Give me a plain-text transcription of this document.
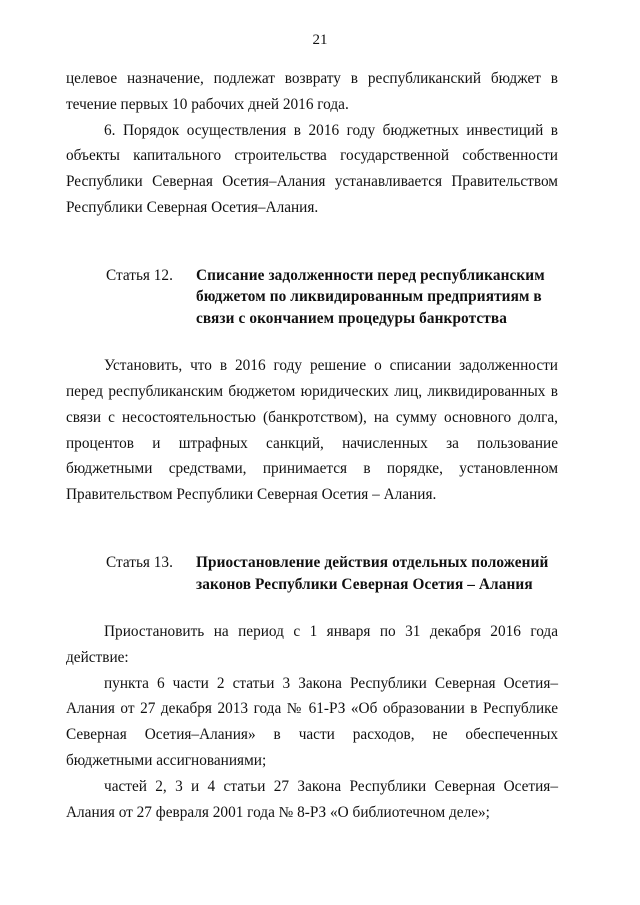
21

целевое назначение, подлежат возврату в республиканский бюджет в течение первых 10 рабочих дней 2016 года.

6. Порядок осуществления в 2016 году бюджетных инвестиций в объекты капитального строительства государственной собственности Республики Северная Осетия–Алания устанавливается Правительством Республики Северная Осетия–Алания.

Статья 12.	Списание задолженности перед республиканским
бюджетом по ликвидированным предприятиям в
связи с окончанием процедуры банкротства

Установить, что в 2016 году решение о списании задолженности перед республиканским бюджетом юридических лиц, ликвидированных в связи с несостоятельностью (банкротством), на сумму основного долга, процентов и штрафных санкций, начисленных за пользование бюджетными средствами, принимается в порядке, установленном Правительством Республики Северная Осетия – Алания.

Статья 13.	Приостановление действия отдельных положений
законов Республики Северная Осетия – Алания

Приостановить на период с 1 января по 31 декабря 2016 года действие:

пункта 6 части 2 статьи 3 Закона Республики Северная Осетия–Алания от 27 декабря 2013 года № 61-РЗ «Об образовании в Республике Северная Осетия–Алания» в части расходов, не обеспеченных бюджетными ассигнованиями;

частей 2, 3 и 4 статьи 27 Закона Республики Северная Осетия–Алания от 27 февраля 2001 года № 8-РЗ «О библиотечном деле»;
